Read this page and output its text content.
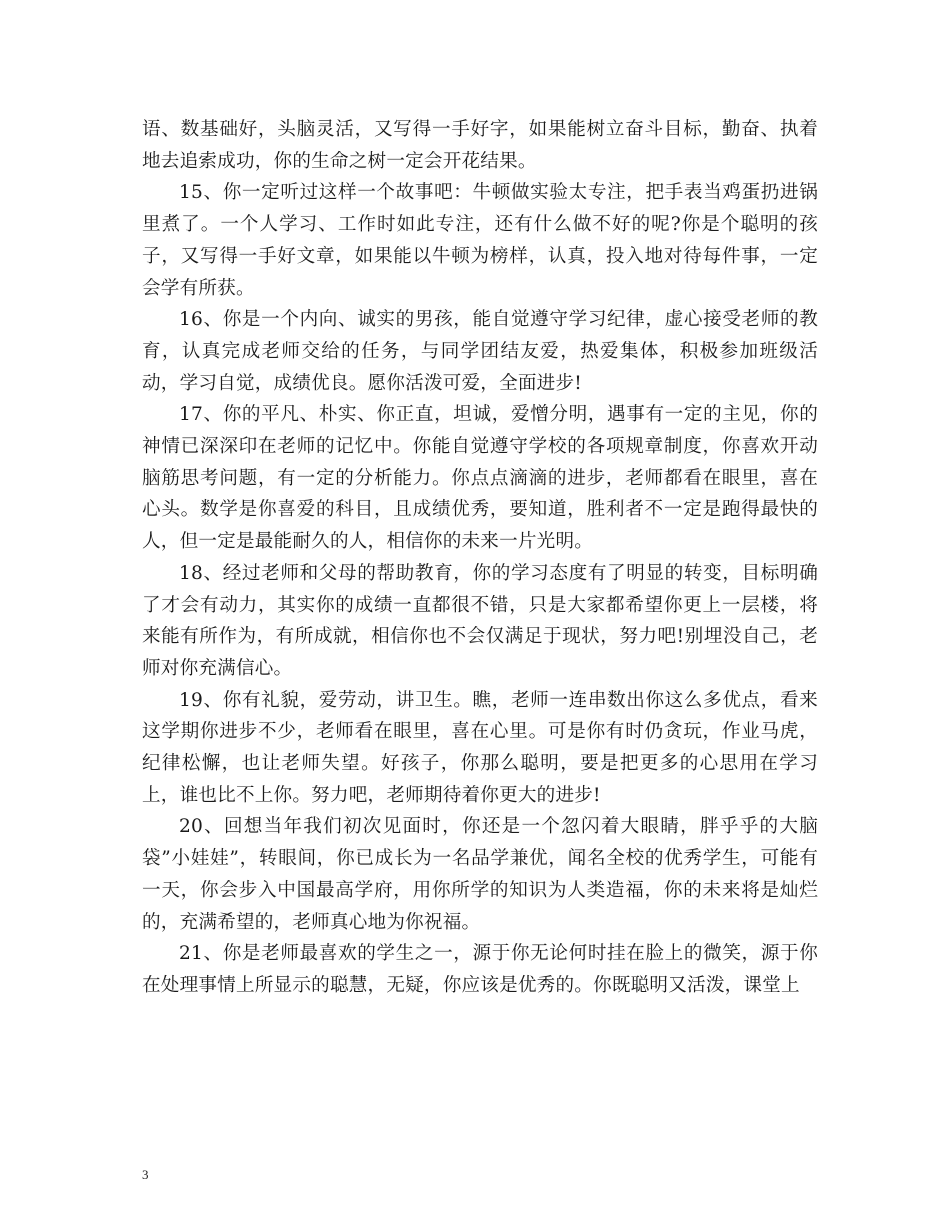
语、数基础好，头脑灵活，又写得一手好字，如果能树立奋斗目标，勤奋、执着地去追索成功，你的生命之树一定会开花结果。

15、你一定听过这样一个故事吧：牛顿做实验太专注，把手表当鸡蛋扔进锅里煮了。一个人学习、工作时如此专注，还有什么做不好的呢?你是个聪明的孩子，又写得一手好文章，如果能以牛顿为榜样，认真，投入地对待每件事，一定会学有所获。

16、你是一个内向、诚实的男孩，能自觉遵守学习纪律，虚心接受老师的教育，认真完成老师交给的任务，与同学团结友爱，热爱集体，积极参加班级活动，学习自觉，成绩优良。愿你活泼可爱，全面进步!

17、你的平凡、朴实、你正直，坦诚，爱憎分明，遇事有一定的主见，你的神情已深深印在老师的记忆中。你能自觉遵守学校的各项规章制度，你喜欢开动脑筋思考问题，有一定的分析能力。你点点滴滴的进步，老师都看在眼里，喜在心头。数学是你喜爱的科目，且成绩优秀，要知道，胜利者不一定是跑得最快的人，但一定是最能耐久的人，相信你的未来一片光明。

18、经过老师和父母的帮助教育，你的学习态度有了明显的转变，目标明确了才会有动力，其实你的成绩一直都很不错，只是大家都希望你更上一层楼，将来能有所作为，有所成就，相信你也不会仅满足于现状，努力吧!别埋没自己，老师对你充满信心。

19、你有礼貌，爱劳动，讲卫生。瞧，老师一连串数出你这么多优点，看来这学期你进步不少，老师看在眼里，喜在心里。可是你有时仍贪玩，作业马虎，纪律松懈，也让老师失望。好孩子，你那么聪明，要是把更多的心思用在学习上，谁也比不上你。努力吧，老师期待着你更大的进步!

20、回想当年我们初次见面时，你还是一个忽闪着大眼睛，胖乎乎的大脑袋”小娃娃”，转眼间，你已成长为一名品学兼优，闻名全校的优秀学生，可能有一天，你会步入中国最高学府，用你所学的知识为人类造福，你的未来将是灿烂的，充满希望的，老师真心地为你祝福。

21、你是老师最喜欢的学生之一，源于你无论何时挂在脸上的微笑，源于你在处理事情上所显示的聪慧，无疑，你应该是优秀的。你既聪明又活泼，课堂上

3
